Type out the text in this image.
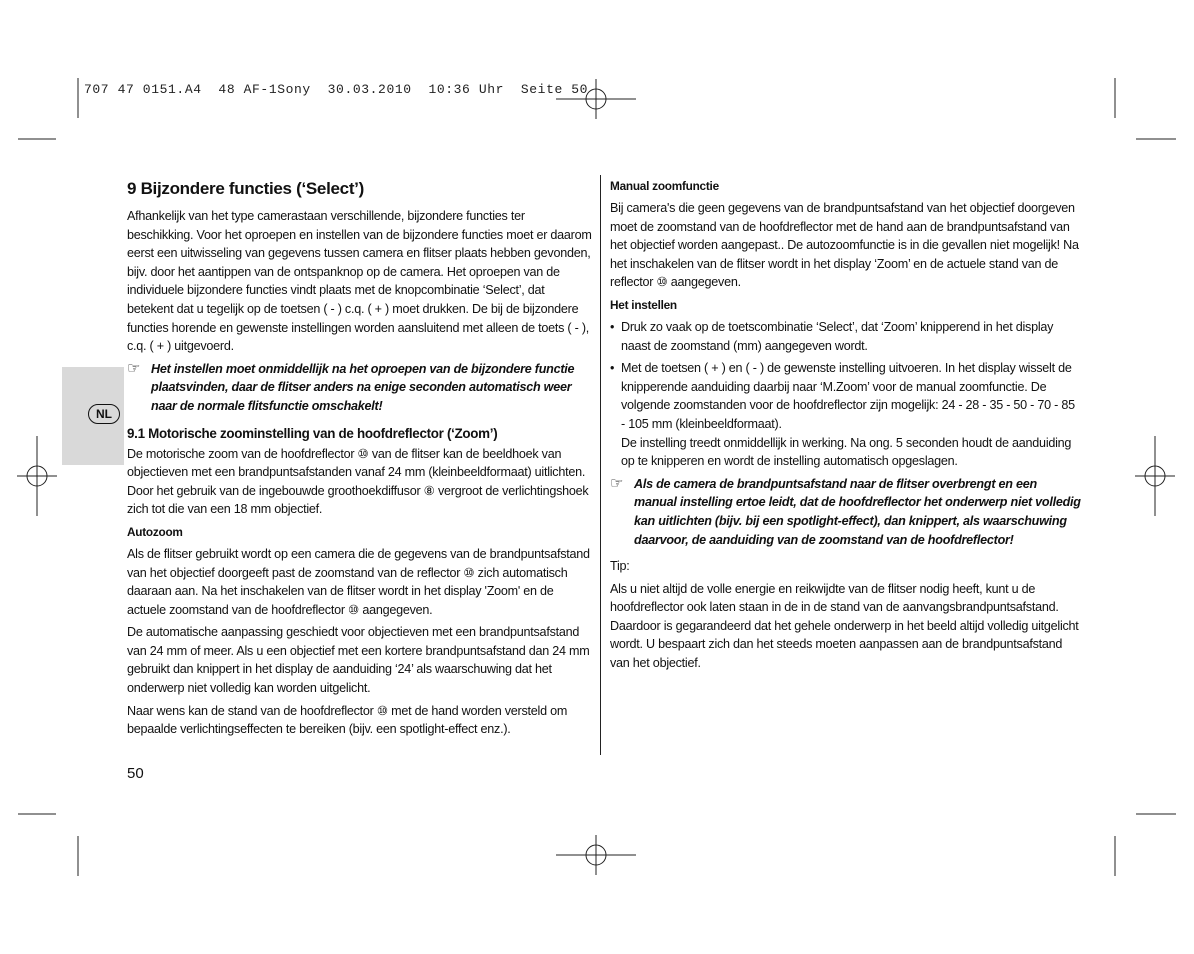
707 47 0151.A4  48 AF-1Sony  30.03.2010  10:36 Uhr  Seite 50
NL
9 Bijzondere functies (‘Select’)

Afhankelijk van het type camerastaan verschillende, bijzondere functies ter beschikking. Voor het oproepen en instellen van de bijzondere functies moet er daarom eerst een uitwisseling van gegevens tussen camera en flitser plaats hebben gevonden, bijv. door het aantippen van de ontspanknop op de camera. Het oproepen van de individuele bijzondere functies vindt plaats met de knopcombinatie ‘Select’, dat betekent dat u tegelijk op de toetsen ( - ) c.q. ( + ) moet drukken. De bij de bijzondere functies horende en gewenste instellingen worden aansluitend met alleen de toets ( - ), c.q. ( + ) uitgevoerd.

☞ Het instellen moet onmiddellijk na het oproepen van de bijzondere functie plaatsvinden, daar de flitser anders na enige seconden automatisch weer naar de normale flitsfunctie omschakelt!
9.1 Motorische zoominstelling van de hoofdreflector (‘Zoom’)

De motorische zoom van de hoofdreflector ⑩ van de flitser kan de beeldhoek van objectieven met een brandpuntsafstanden vanaf 24 mm (kleinbeeldformaat) uitlichten. Door het gebruik van de ingebouwde groothoekdiffusor ⑧ vergroot de verlichtingshoek zich tot die van een 18 mm objectief.

Autozoom

Als de flitser gebruikt wordt op een camera die de gegevens van de brandpuntsafstand van het objectief doorgeeft past de zoomstand van de reflector ⑩ zich automatisch daaraan aan. Na het inschakelen van de flitser wordt in het display 'Zoom' en de actuele zoomstand van de hoofdreflector ⑩ aangegeven.

De automatische aanpassing geschiedt voor objectieven met een brandpuntsafstand van 24 mm of meer. Als u een objectief met een kortere brandpuntsafstand dan 24 mm gebruikt dan knippert in het display de aanduiding ‘24’ als waarschuwing dat het onderwerp niet volledig kan worden uitgelicht.

Naar wens kan de stand van de hoofdreflector ⑩ met de hand worden versteld om bepaalde verlichtingseffecten te bereiken (bijv. een spotlight-effect enz.).

Manual zoomfunctie

Bij camera's die geen gegevens van de brandpuntsafstand van het objectief doorgeven moet de zoomstand van de hoofdreflector met de hand aan de brandpuntsafstand van het objectief worden aangepast.. De autozoomfunctie is in die gevallen niet mogelijk! Na het inschakelen van de flitser wordt in het display ‘Zoom’ en de actuele stand van de reflector ⑩ aangegeven.

Het instellen
• Druk zo vaak op de toetscombinatie ‘Select’, dat ‘Zoom’ knipperend in het display naast de zoomstand (mm) aangegeven wordt.
• Met de toetsen ( + ) en ( - ) de gewenste instelling uitvoeren. In het display wisselt de knipperende aanduiding daarbij naar ‘M.Zoom’ voor de manual zoomfunctie. De volgende zoomstanden voor de hoofdreflector zijn mogelijk: 24 - 28 - 35 - 50 - 70 - 85 - 105 mm (kleinbeeldformaat).
De instelling treedt onmiddellijk in werking. Na ong. 5 seconden houdt de aanduiding op te knipperen en wordt de instelling automatisch opgeslagen.
☞ Als de camera de brandpuntsafstand naar de flitser overbrengt en een manual instelling ertoe leidt, dat de hoofdreflector het onderwerp niet volledig kan uitlichten (bijv. bij een spotlight-effect), dan knippert, als waarschuwing daarvoor, de aanduiding van de zoomstand van de hoofdreflector!

Tip:

Als u niet altijd de volle energie en reikwijdte van de flitser nodig heeft, kunt u de hoofdreflector ook laten staan in de in de stand van de aanvangsbrandpuntsafstand. Daardoor is gegarandeerd dat het gehele onderwerp in het beeld altijd volledig uitgelicht wordt. U bespaart zich dan het steeds moeten aanpassen aan de brandpuntsafstand van het objectief.

50
